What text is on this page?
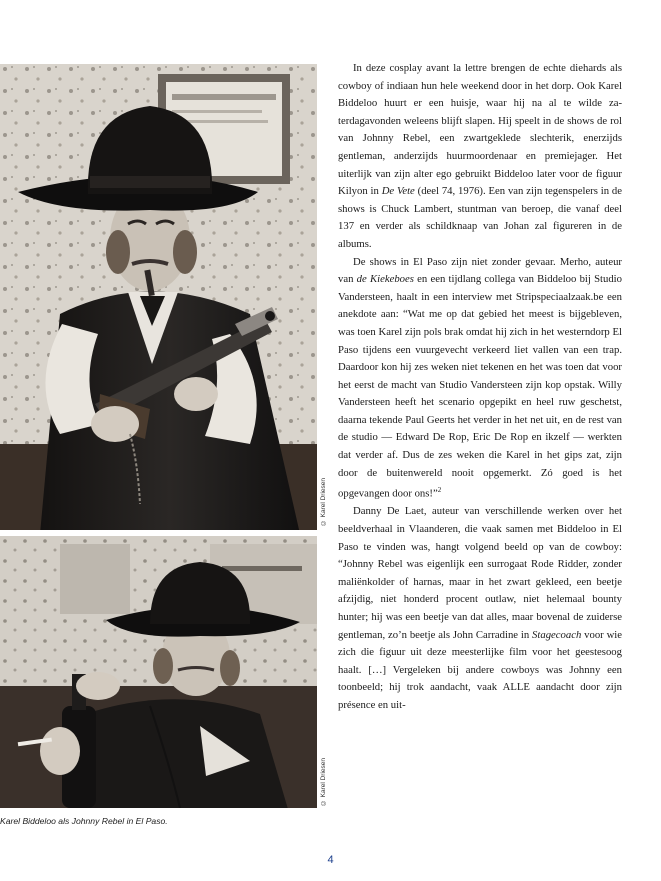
© Karel Driesen
© Karel Driesen
Karel Biddeloo als Johnny Rebel in El Paso.

In deze cosplay avant la lettre brengen de echte diehards als cowboy of indiaan hun hele weekend door in het dorp. Ook Karel Biddeloo huurt er een huisje, waar hij na al te wilde zaterdagavonden weleens blijft slapen. Hij speelt in de shows de rol van Johnny Rebel, een zwartgeklede slechterik, enerzijds gentleman, anderzijds huurmoordenaar en premiejager. Het uiterlijk van zijn alter ego gebruikt Biddeloo later voor de figuur Kilyon in De Vete (deel 74, 1976). Een van zijn tegenspelers in de shows is Chuck Lambert, stuntman van beroep, die vanaf deel 137 en verder als schildknaap van Johan zal figureren in de albums.

De shows in El Paso zijn niet zonder gevaar. Merho, auteur van de Kiekeboes en een tijdlang collega van Biddeloo bij Studio Vandersteen, haalt in een interview met Stripspeciaalzaak.be een anekdote aan: “Wat me op dat gebied het meest is bijgebleven, was toen Karel zijn pols brak omdat hij zich in het westerndorp El Paso tijdens een vuurgevecht verkeerd liet vallen van een trap. Daardoor kon hij zes weken niet tekenen en het was toen dat voor het eerst de macht van Studio Vandersteen zijn kop opstak. Willy Vandersteen heeft het scenario opgepikt en heel ruw geschetst, daarna tekende Paul Geerts het verder in het net uit, en de rest van de studio — Edward De Rop, Eric De Rop en ikzelf — werkten dat verder af. Dus de zes weken die Karel in het gips zat, zijn door de buitenwereld nooit opgemerkt. Zó goed is het opgevangen door ons!”$^2$

Danny De Laet, auteur van verschillende werken over het beeldverhaal in Vlaanderen, die vaak samen met Biddeloo in El Paso te vinden was, hangt volgend beeld op van de cowboy: “Johnny Rebel was eigenlijk een surrogaat Rode Ridder, zonder maliënkolder of harnas, maar in het zwart gekleed, een beetje afzijdig, niet honderd procent outlaw, niet helemaal bounty hunter; hij was een beetje van dat alles, maar bovenal de zuiderse gentleman, zo’n beetje als John Carradine in Stagecoach voor wie zich die figuur uit deze meesterlijke film voor het geestesoog haalt. […] Vergeleken bij andere cowboys was Johnny een toonbeeld; hij trok aandacht, vaak ALLE aandacht door zijn présence en uit-

4
